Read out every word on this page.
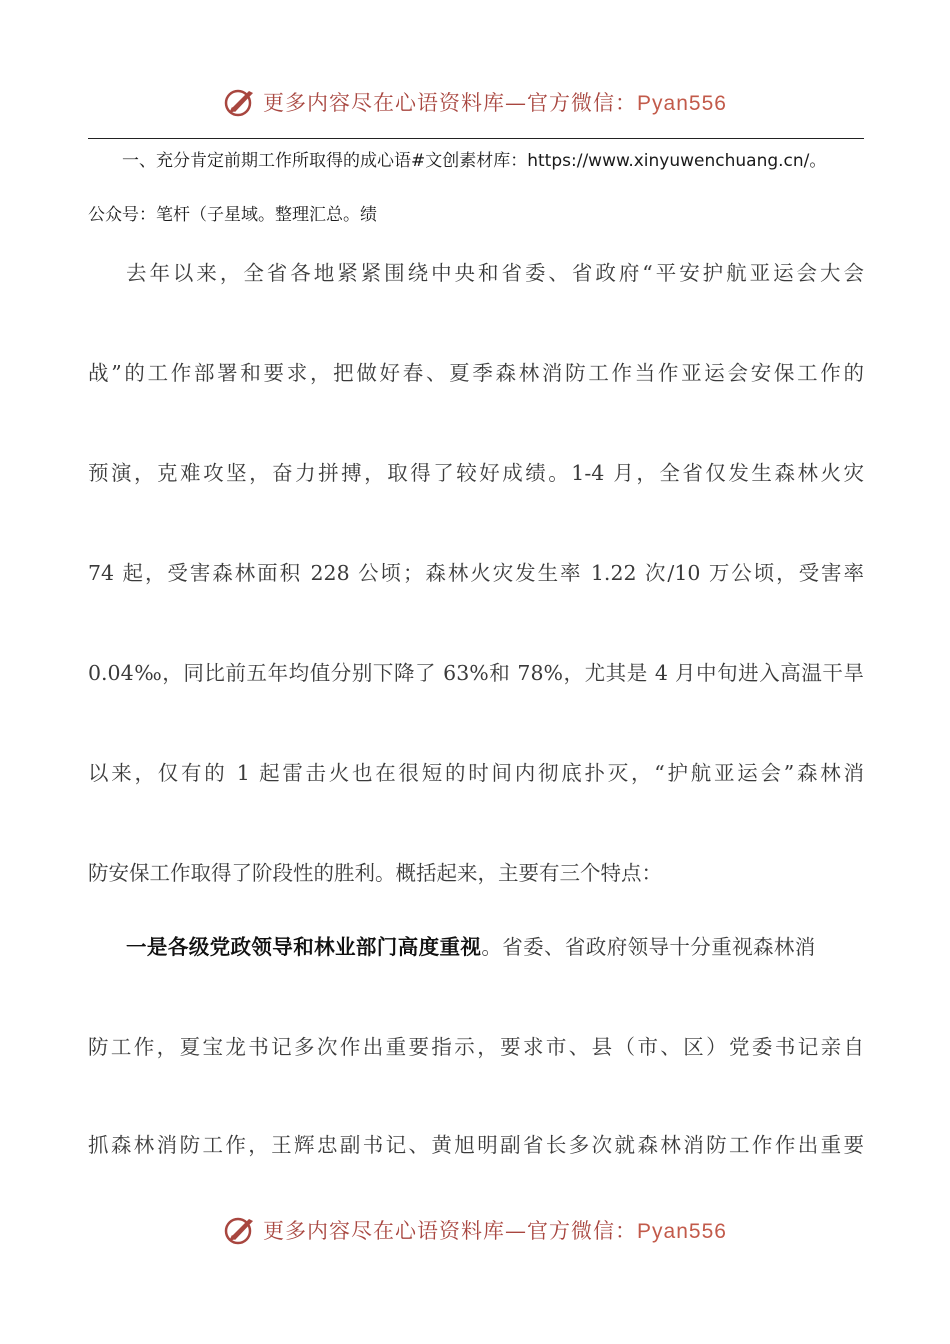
更多内容尽在心语资料库—官方微信：Pyan556
一、充分肯定前期工作所取得的成心语#文创素材库：https://www.xinyuwenchuang.cn/。
公众号：笔杆（子星域。整理汇总。绩
去年以来，全省各地紧紧围绕中央和省委、省政府“平安护航亚运会大会
战”的工作部署和要求，把做好春、夏季森林消防工作当作亚运会安保工作的
预演，克难攻坚，奋力拼搏，取得了较好成绩。1-4 月，全省仅发生森林火灾
74 起，受害森林面积 228 公顷；森林火灾发生率 1.22 次/10 万公顷，受害率
0.04‰，同比前五年均值分别下降了 63%和 78%，尤其是 4 月中旬进入高温干旱
以来，仅有的 1 起雷击火也在很短的时间内彻底扑灭，“护航亚运会”森林消
防安保工作取得了阶段性的胜利。概括起来，主要有三个特点：
一是各级党政领导和林业部门高度重视。省委、省政府领导十分重视森林消
防工作，夏宝龙书记多次作出重要指示，要求市、县（市、区）党委书记亲自
抓森林消防工作，王辉忠副书记、黄旭明副省长多次就森林消防工作作出重要
更多内容尽在心语资料库—官方微信：Pyan556
